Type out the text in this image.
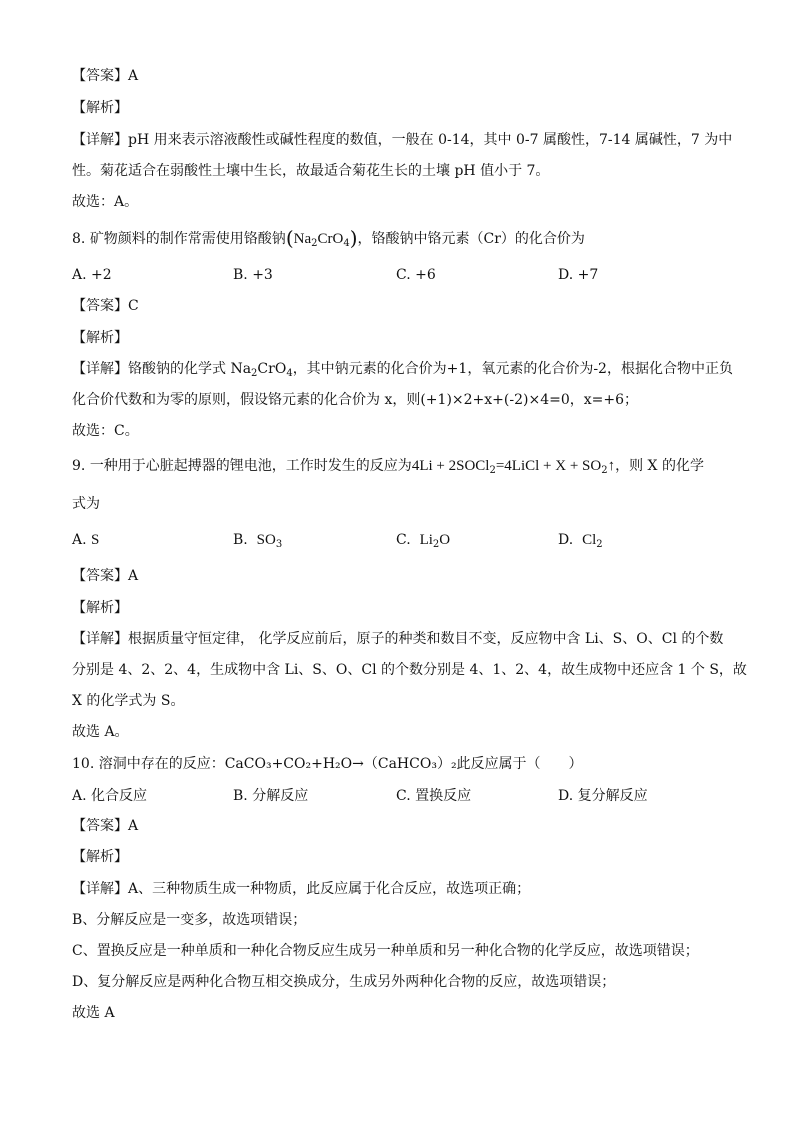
【答案】A
【解析】
【详解】pH 用来表示溶液酸性或碱性程度的数值，一般在 0-14，其中 0-7 属酸性，7-14 属碱性，7 为中
性。菊花适合在弱酸性土壤中生长，故最适合菊花生长的土壤 pH 值小于 7。
故选：A。
8. 矿物颜料的制作常需使用铬酸钠$(Na_2CrO_4)$，铬酸钠中铬元素（Cr）的化合价为
A. +2	B. +3	C. +6	D. +7
【答案】C
【解析】
【详解】铬酸钠的化学式 $Na_2CrO_4$，其中钠元素的化合价为+1，氧元素的化合价为-2，根据化合物中正负
化合价代数和为零的原则，假设铬元素的化合价为 x，则(+1)×2+x+(-2)×4=0，x=+6；
故选：C。
9. 一种用于心脏起搏器的锂电池，工作时发生的反应为4Li + 2SOCl$_2$=4LiCl + $X + SO_2↑$，则 X 的化学
式为
A. S	B. $SO_3$	C. $Li_2O$	D. $Cl_2$
【答案】A
【解析】
【详解】根据质量守恒定律， 化学反应前后，原子的种类和数目不变，反应物中含 Li、S、O、Cl 的个数
分别是 4、2、2、4，生成物中含 Li、S、O、Cl 的个数分别是 4、1、2、4，故生成物中还应含 1 个 S，故
X 的化学式为 S。
故选 A。
10. 溶洞中存在的反应：CaCO₃+CO₂+H₂O→（CaHCO₃）₂此反应属于（　　）
A. 化合反应	B. 分解反应	C. 置换反应	D. 复分解反应
【答案】A
【解析】
【详解】A、三种物质生成一种物质，此反应属于化合反应，故选项正确；
B、分解反应是一变多，故选项错误；
C、置换反应是一种单质和一种化合物反应生成另一种单质和另一种化合物的化学反应，故选项错误；
D、复分解反应是两种化合物互相交换成分，生成另外两种化合物的反应，故选项错误；
故选 A
